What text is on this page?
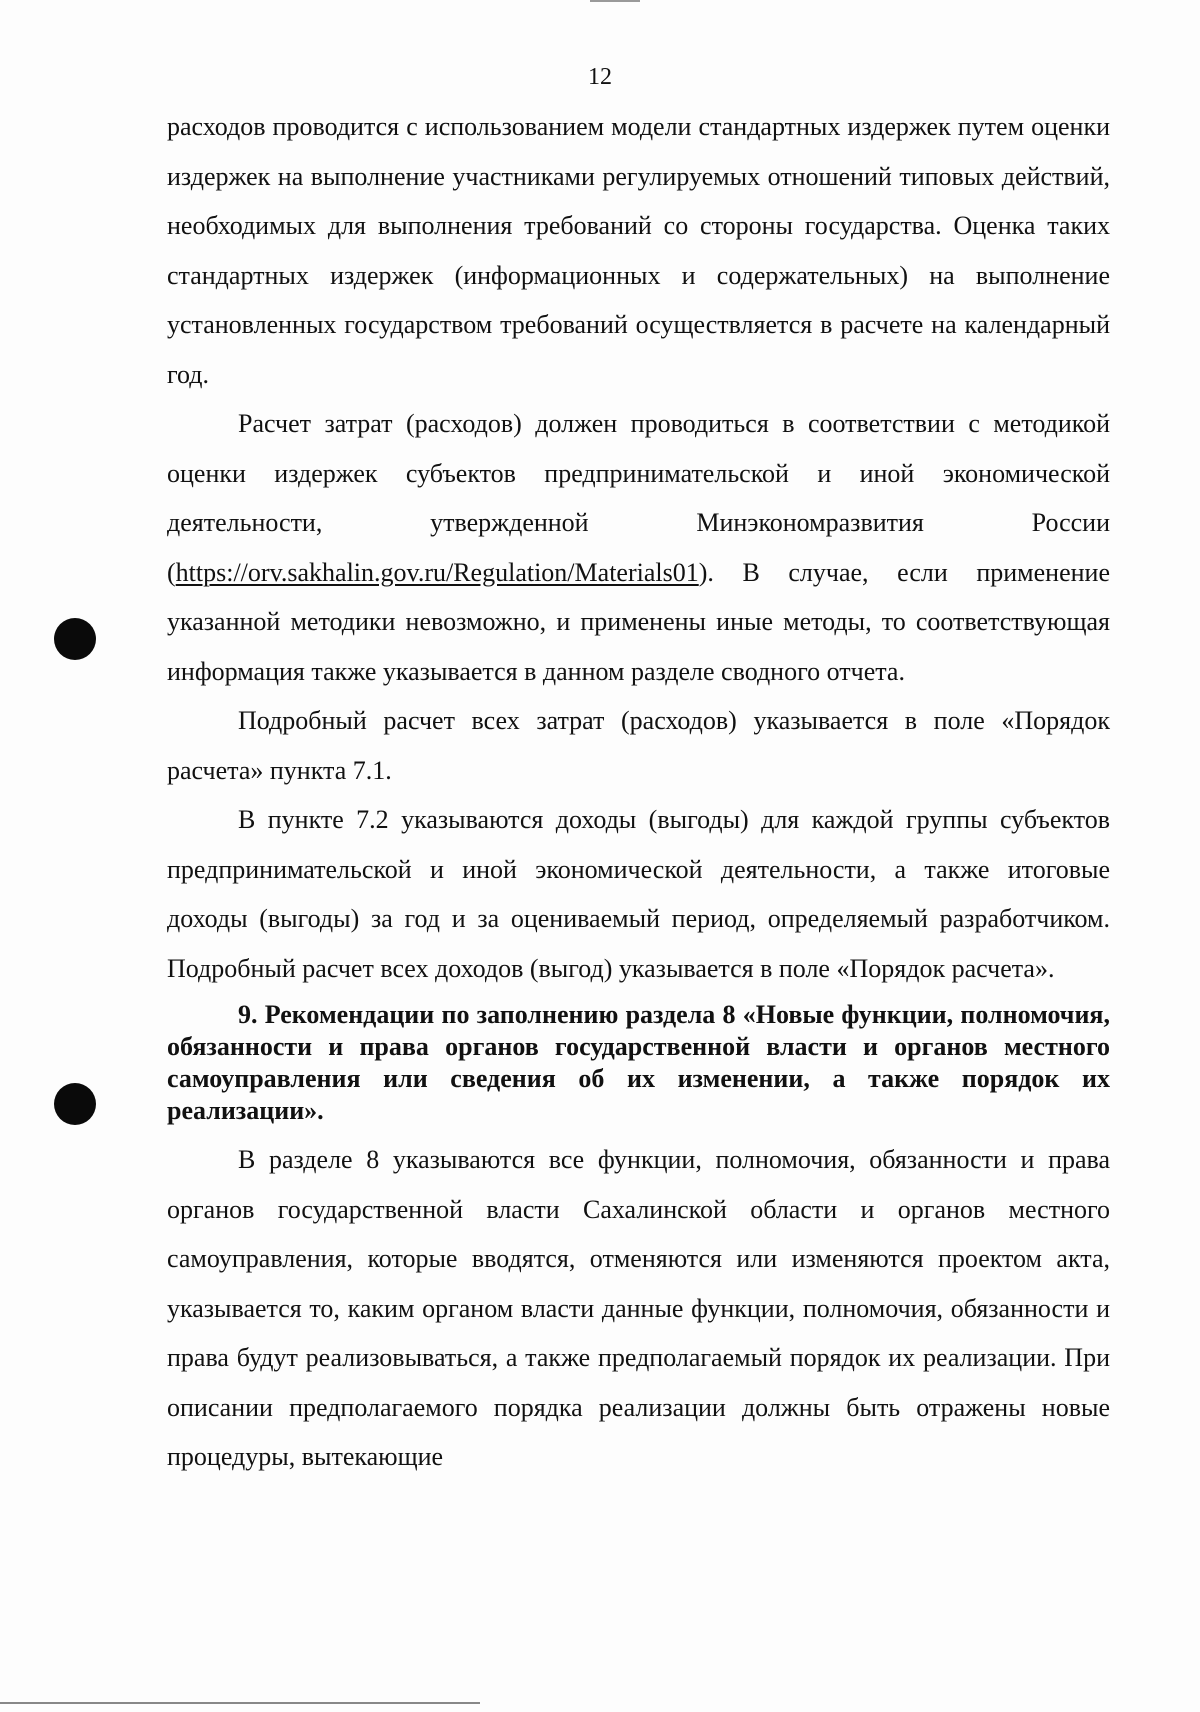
12

расходов проводится с использованием модели стандартных издержек путем оценки издержек на выполнение участниками регулируемых отношений типовых действий, необходимых для выполнения требований со стороны государства. Оценка таких стандартных издержек (информационных и содержательных) на выполнение установленных государством требований осуществляется в расчете на календарный год.

Расчет затрат (расходов) должен проводиться в соответствии с методикой оценки издержек субъектов предпринимательской и иной экономической деятельности, утвержденной Минэкономразвития России (https://orv.sakhalin.gov.ru/Regulation/Materials01). В случае, если применение указанной методики невозможно, и применены иные методы, то соответствующая информация также указывается в данном разделе сводного отчета.

Подробный расчет всех затрат (расходов) указывается в поле «Порядок расчета» пункта 7.1.

В пункте 7.2 указываются доходы (выгоды) для каждой группы субъектов предпринимательской и иной экономической деятельности, а также итоговые доходы (выгоды) за год и за оцениваемый период, определяемый разработчиком. Подробный расчет всех доходов (выгод) указывается в поле «Порядок расчета».

9. Рекомендации по заполнению раздела 8 «Новые функции, полномочия, обязанности и права органов государственной власти и органов местного самоуправления или сведения об их изменении, а также порядок их реализации».

В разделе 8 указываются все функции, полномочия, обязанности и права органов государственной власти Сахалинской области и органов местного самоуправления, которые вводятся, отменяются или изменяются проектом акта, указывается то, каким органом власти данные функции, полномочия, обязанности и права будут реализовываться, а также предполагаемый порядок их реализации. При описании предполагаемого порядка реализации должны быть отражены новые процедуры, вытекающие
